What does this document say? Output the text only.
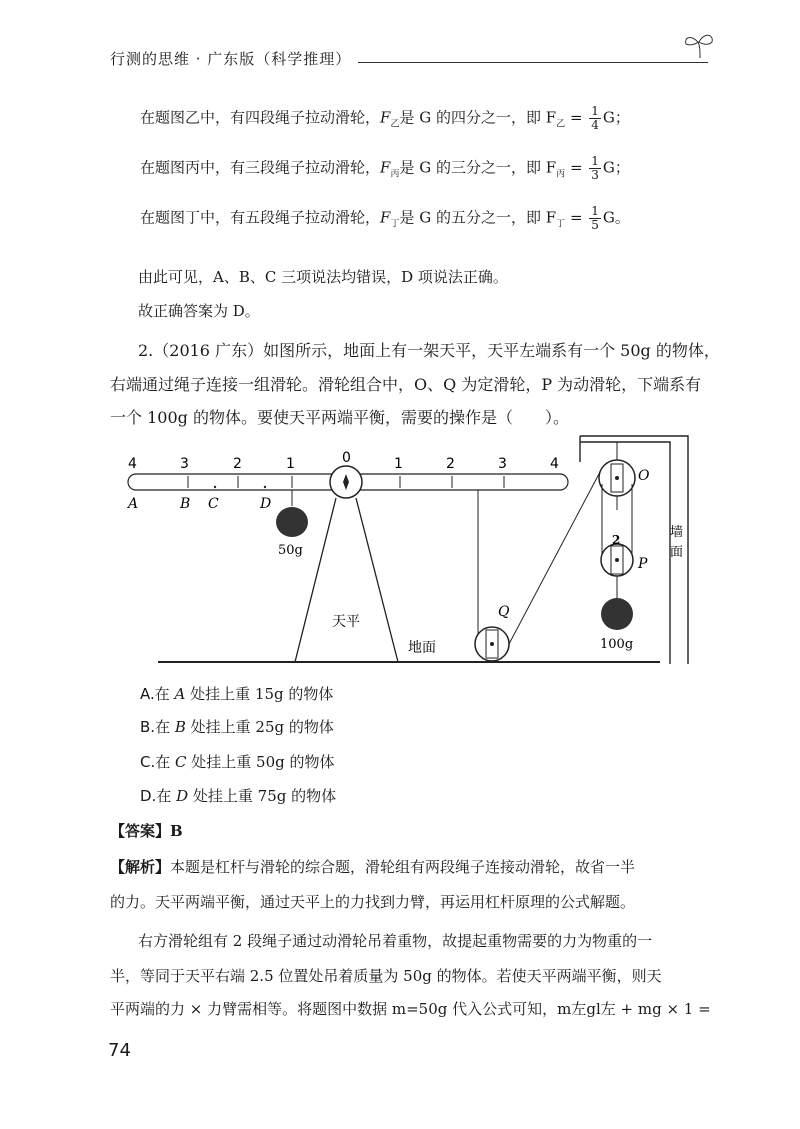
行测的思维 · 广东版（科学推理）
在题图乙中，有四段绳子拉动滑轮，$F_乙$是 G 的四分之一，即 $F_乙 = \frac{1}{4}$ G；
在题图丙中，有三段绳子拉动滑轮，$F_丙$是 G 的三分之一，即 $F_丙 = \frac{1}{3}$ G；
在题图丁中，有五段绳子拉动滑轮，$F_丁$是 G 的五分之一，即 $F_丁 = \frac{1}{5}$ G。
由此可见，A、B、C 三项说法均错误，D 项说法正确。
故正确答案为 D。
2.（2016 广东）如图所示，地面上有一架天平，天平左端系有一个 50g 的物体，
右端通过绳子连接一组滑轮。滑轮组合中，O、Q 为定滑轮，P 为动滑轮，下端系有
一个 100g 的物体。要使天平两端平衡，需要的操作是（　　）。
4	3	2	1	0	1	2	3	4
A	B C	D
天平
50g
地面
Q
墙
面
O
2
P
100g
A.在 A 处挂上重 15g 的物体
B.在 B 处挂上重 25g 的物体
C.在 C 处挂上重 50g 的物体
D.在 D 处挂上重 75g 的物体
【答案】B
【解析】本题是杠杆与滑轮的综合题，滑轮组有两段绳子连接动滑轮，故省一半
的力。天平两端平衡，通过天平上的力找到力臂，再运用杠杆原理的公式解题。
右方滑轮组有 2 段绳子通过动滑轮吊着重物，故提起重物需要的力为物重的一
半，等同于天平右端 2.5 位置处吊着质量为 50g 的物体。若使天平两端平衡，则天
平两端的力 × 力臂需相等。将题图中数据 m=50g 代入公式可知，m左gl左 + mg × 1 =
74
